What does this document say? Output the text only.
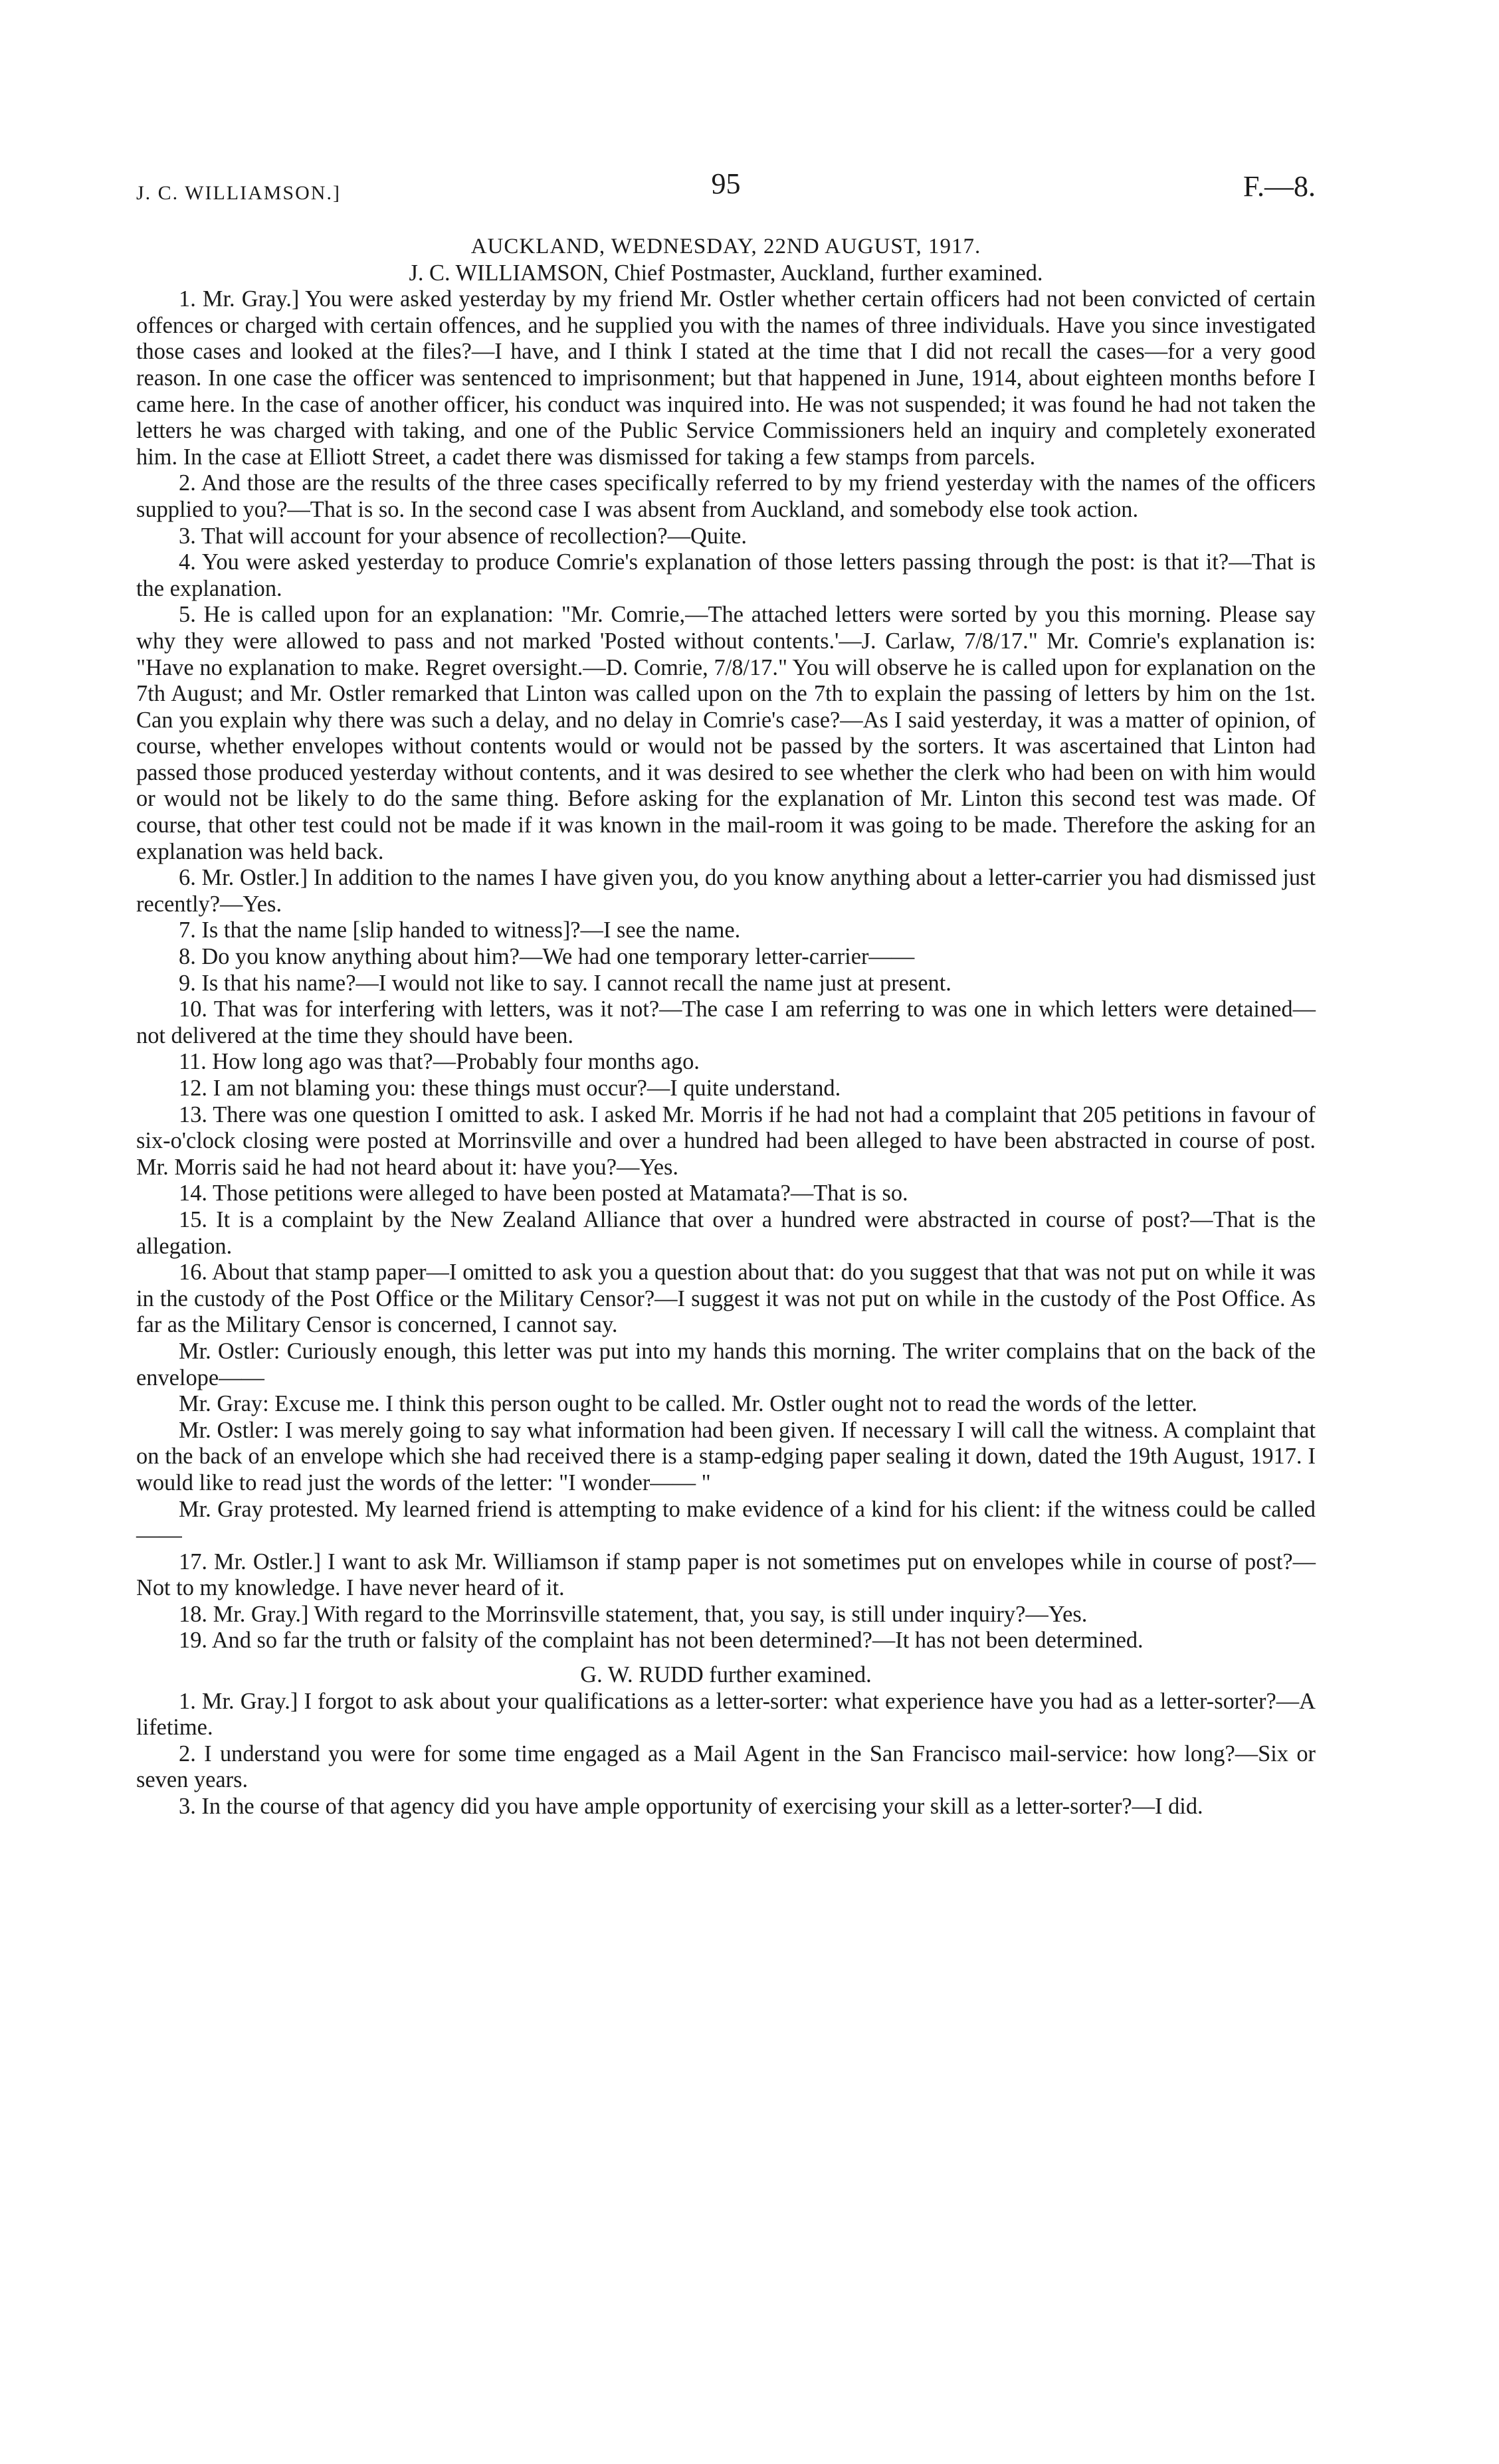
J. C. WILLIAMSON.]	95	F.—8.
AUCKLAND, WEDNESDAY, 22ND AUGUST, 1917.
J. C. WILLIAMSON, Chief Postmaster, Auckland, further examined.

1. Mr. Gray.] You were asked yesterday by my friend Mr. Ostler whether certain officers had not been convicted of certain offences or charged with certain offences, and he supplied you with the names of three individuals. Have you since investigated those cases and looked at the files?—I have, and I think I stated at the time that I did not recall the cases—for a very good reason. In one case the officer was sentenced to imprisonment; but that happened in June, 1914, about eighteen months before I came here. In the case of another officer, his conduct was inquired into. He was not suspended; it was found he had not taken the letters he was charged with taking, and one of the Public Service Commissioners held an inquiry and completely exonerated him. In the case at Elliott Street, a cadet there was dismissed for taking a few stamps from parcels.

2. And those are the results of the three cases specifically referred to by my friend yesterday with the names of the officers supplied to you?—That is so. In the second case I was absent from Auckland, and somebody else took action.

3. That will account for your absence of recollection?—Quite.

4. You were asked yesterday to produce Comrie's explanation of those letters passing through the post: is that it?—That is the explanation.

5. He is called upon for an explanation: "Mr. Comrie,—The attached letters were sorted by you this morning. Please say why they were allowed to pass and not marked 'Posted without contents.'—J. Carlaw, 7/8/17." Mr. Comrie's explanation is: "Have no explanation to make. Regret oversight.—D. Comrie, 7/8/17." You will observe he is called upon for explanation on the 7th August; and Mr. Ostler remarked that Linton was called upon on the 7th to explain the passing of letters by him on the 1st. Can you explain why there was such a delay, and no delay in Comrie's case?—As I said yesterday, it was a matter of opinion, of course, whether envelopes without contents would or would not be passed by the sorters. It was ascertained that Linton had passed those produced yesterday without contents, and it was desired to see whether the clerk who had been on with him would or would not be likely to do the same thing. Before asking for the explanation of Mr. Linton this second test was made. Of course, that other test could not be made if it was known in the mail-room it was going to be made. Therefore the asking for an explanation was held back.

6. Mr. Ostler.] In addition to the names I have given you, do you know anything about a letter-carrier you had dismissed just recently?—Yes.

7. Is that the name [slip handed to witness]?—I see the name.

8. Do you know anything about him?—We had one temporary letter-carrier——

9. Is that his name?—I would not like to say. I cannot recall the name just at present.

10. That was for interfering with letters, was it not?—The case I am referring to was one in which letters were detained—not delivered at the time they should have been.

11. How long ago was that?—Probably four months ago.

12. I am not blaming you: these things must occur?—I quite understand.

13. There was one question I omitted to ask. I asked Mr. Morris if he had not had a complaint that 205 petitions in favour of six-o'clock closing were posted at Morrinsville and over a hundred had been alleged to have been abstracted in course of post. Mr. Morris said he had not heard about it: have you?—Yes.

14. Those petitions were alleged to have been posted at Matamata?—That is so.

15. It is a complaint by the New Zealand Alliance that over a hundred were abstracted in course of post?—That is the allegation.

16. About that stamp paper—I omitted to ask you a question about that: do you suggest that that was not put on while it was in the custody of the Post Office or the Military Censor?—I suggest it was not put on while in the custody of the Post Office. As far as the Military Censor is concerned, I cannot say.

Mr. Ostler: Curiously enough, this letter was put into my hands this morning. The writer complains that on the back of the envelope——

Mr. Gray: Excuse me. I think this person ought to be called. Mr. Ostler ought not to read the words of the letter.

Mr. Ostler: I was merely going to say what information had been given. If necessary I will call the witness. A complaint that on the back of an envelope which she had received there is a stamp-edging paper sealing it down, dated the 19th August, 1917. I would like to read just the words of the letter: "I wonder—— "

Mr. Gray protested. My learned friend is attempting to make evidence of a kind for his client: if the witness could be called——

17. Mr. Ostler.] I want to ask Mr. Williamson if stamp paper is not sometimes put on envelopes while in course of post?—Not to my knowledge. I have never heard of it.

18. Mr. Gray.] With regard to the Morrinsville statement, that, you say, is still under inquiry?—Yes.

19. And so far the truth or falsity of the complaint has not been determined?—It has not been determined.

G. W. RUDD further examined.

1. Mr. Gray.] I forgot to ask about your qualifications as a letter-sorter: what experience have you had as a letter-sorter?—A lifetime.

2. I understand you were for some time engaged as a Mail Agent in the San Francisco mail-service: how long?—Six or seven years.

3. In the course of that agency did you have ample opportunity of exercising your skill as a letter-sorter?—I did.
